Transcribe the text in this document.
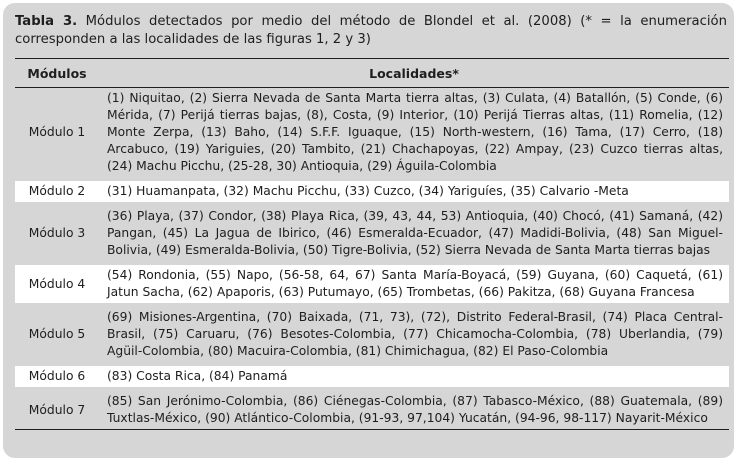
Tabla 3. Módulos detectados por medio del método de Blondel et al. (2008) (* = la enumeración corresponden a las localidades de las figuras 1, 2 y 3)
Módulos	Localidades*
Módulo 1	(1) Niquitao, (2) Sierra Nevada de Santa Marta tierra altas, (3) Culata, (4) Batallón, (5) Conde, (6) Mérida, (7) Perijá tierras bajas, (8), Costa, (9) Interior, (10) Perijá Tierras altas, (11) Romelia, (12) Monte Zerpa, (13) Baho, (14) S.F.F. Iguaque, (15) North-western, (16) Tama, (17) Cerro, (18) Arcabuco, (19) Yariguies, (20) Tambito, (21) Chachapoyas, (22) Ampay, (23) Cuzco tierras altas, (24) Machu Picchu, (25-28, 30) Antioquia, (29) Águila-Colombia
Módulo 2	(31) Huamanpata, (32) Machu Picchu, (33) Cuzco, (34) Yariguíes, (35) Calvario -Meta
Módulo 3	(36) Playa, (37) Condor, (38) Playa Rica, (39, 43, 44, 53) Antioquia, (40) Chocó, (41) Samaná, (42) Pangan, (45) La Jagua de Ibirico, (46) Esmeralda-Ecuador, (47) Madidi-Bolivia, (48) San Miguel-Bolivia, (49) Esmeralda-Bolivia, (50) Tigre-Bolivia, (52) Sierra Nevada de Santa Marta tierras bajas
Módulo 4	(54) Rondonia, (55) Napo, (56-58, 64, 67) Santa María-Boyacá, (59) Guyana, (60) Caquetá, (61) Jatun Sacha, (62) Apaporis, (63) Putumayo, (65) Trombetas, (66) Pakitza, (68) Guyana Francesa
Módulo 5	(69) Misiones-Argentina, (70) Baixada, (71, 73), (72), Distrito Federal-Brasil, (74) Placa Central-Brasil, (75) Caruaru, (76) Besotes-Colombia, (77) Chicamocha-Colombia, (78) Uberlandia, (79) Agüil-Colombia, (80) Macuira-Colombia, (81) Chimichagua, (82) El Paso-Colombia
Módulo 6	(83) Costa Rica, (84) Panamá
Módulo 7	(85) San Jerónimo-Colombia, (86) Ciénegas-Colombia, (87) Tabasco-México, (88) Guatemala, (89) Tuxtlas-México, (90) Atlántico-Colombia, (91-93, 97,104) Yucatán, (94-96, 98-117) Nayarit-México
